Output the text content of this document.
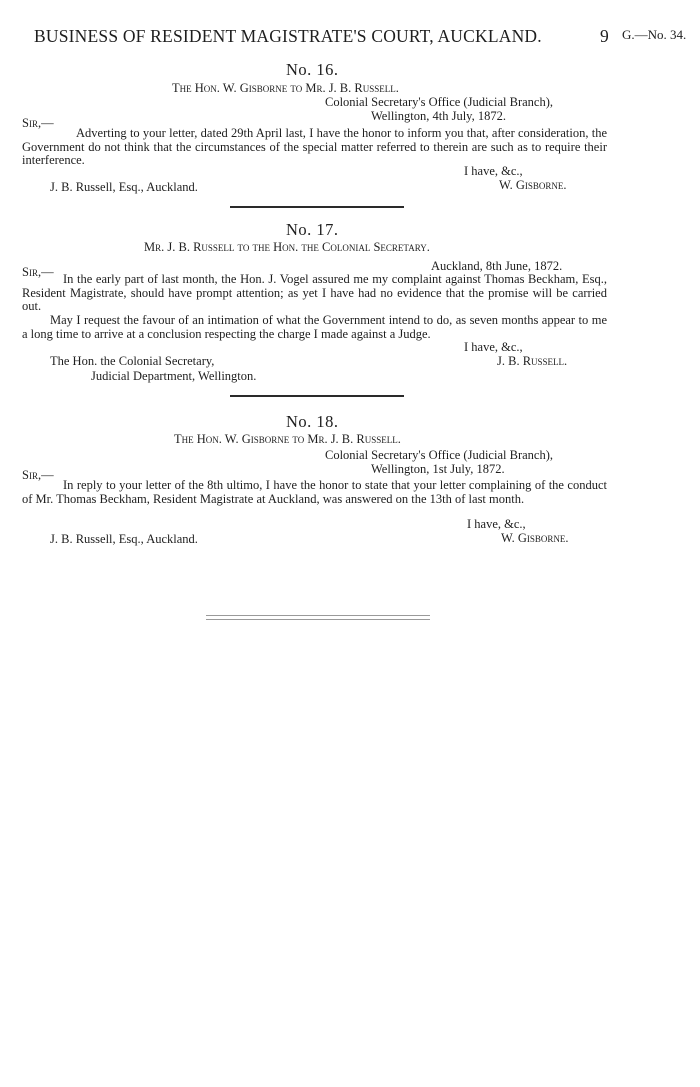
BUSINESS OF RESIDENT MAGISTRATE'S COURT, AUCKLAND.	9 G.—No. 34.
No. 16.
The Hon. W. Gisborne to Mr. J. B. Russell.
Colonial Secretary's Office (Judicial Branch),
Wellington, 4th July, 1872.
Sir,—
Adverting to your letter, dated 29th April last, I have the honor to inform you that, after consideration, the Government do not think that the circumstances of the special matter referred to therein are such as to require their interference.
I have, &c.,
W. Gisborne.
J. B. Russell, Esq., Auckland.
No. 17.
Mr. J. B. Russell to the Hon. the Colonial Secretary.
Auckland, 8th June, 1872.
Sir,— In the early part of last month, the Hon. J. Vogel assured me my complaint against Thomas Beckham, Esq., Resident Magistrate, should have prompt attention; as yet I have had no evidence that the promise will be carried out.
May I request the favour of an intimation of what the Government intend to do, as seven months appear to me a long time to arrive at a conclusion respecting the charge I made against a Judge.
I have, &c.,
J. B. Russell.
The Hon. the Colonial Secretary,
Judicial Department, Wellington.
No. 18.
The Hon. W. Gisborne to Mr. J. B. Russell.
Colonial Secretary's Office (Judicial Branch),
Wellington, 1st July, 1872.
Sir,—
In reply to your letter of the 8th ultimo, I have the honor to state that your letter complaining of the conduct of Mr. Thomas Beckham, Resident Magistrate at Auckland, was answered on the 13th of last month.
I have, &c.,
W. Gisborne.
J. B. Russell, Esq., Auckland.
